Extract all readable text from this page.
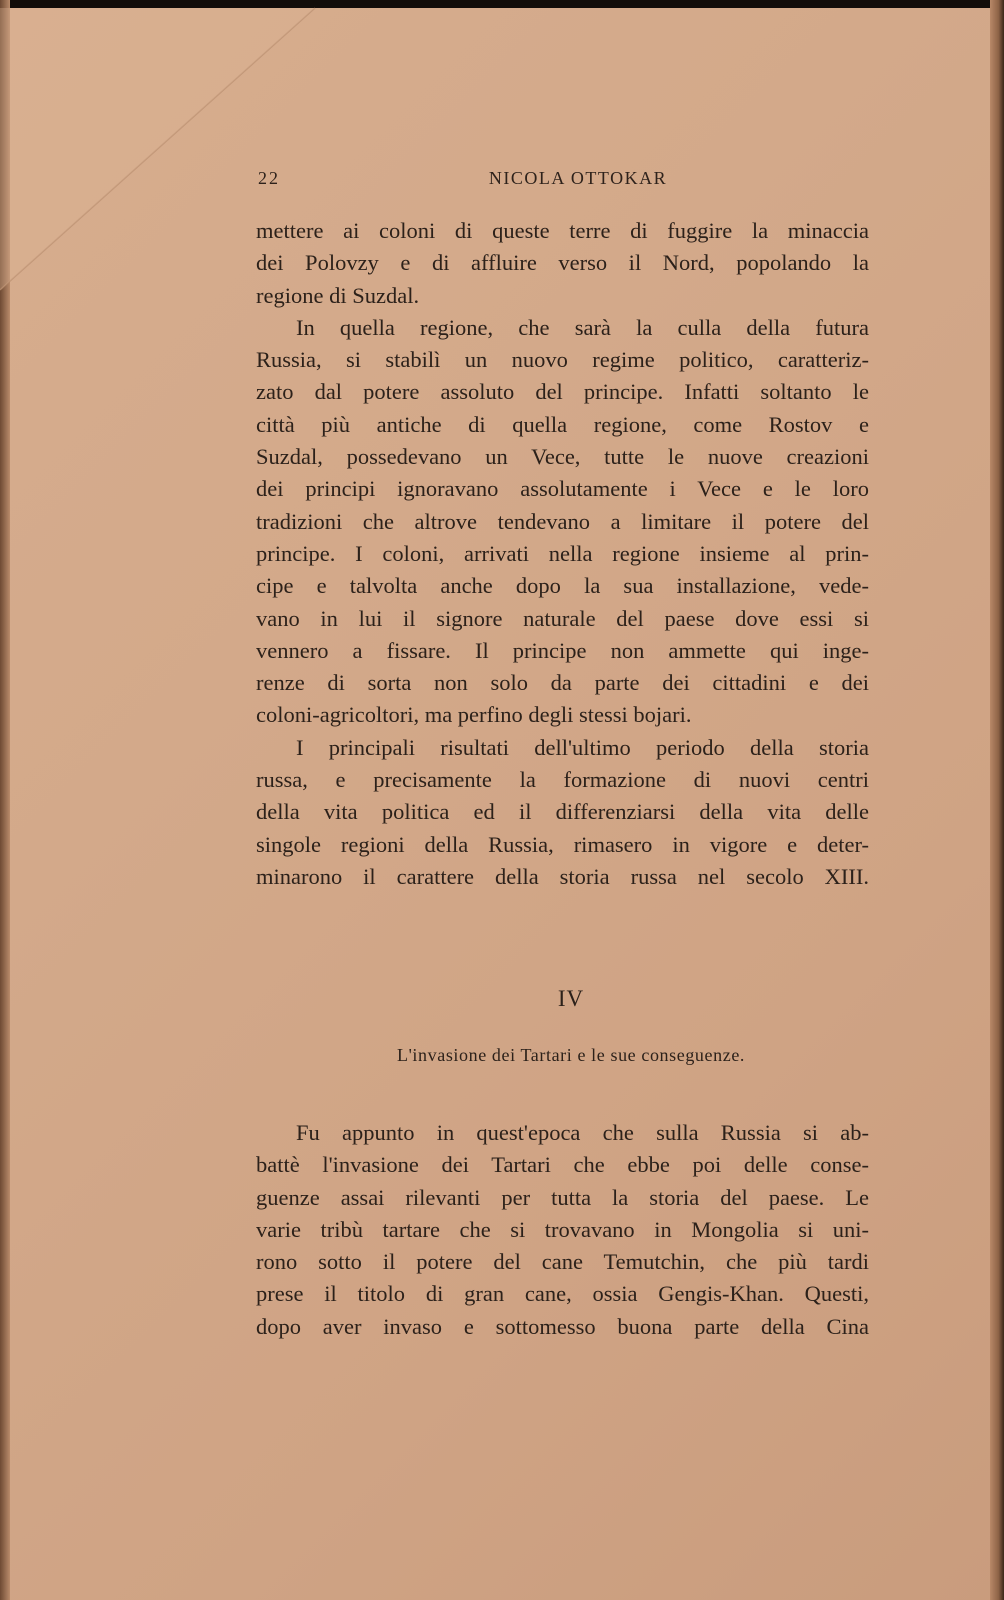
22	NICOLA OTTOKAR
mettere ai coloni di queste terre di fuggire la minaccia
dei Polovzy e di affluire verso il Nord, popolando la
regione di Suzdal.
In quella regione, che sarà la culla della futura
Russia, si stabilì un nuovo regime politico, caratteriz-
zato dal potere assoluto del principe. Infatti soltanto le
città più antiche di quella regione, come Rostov e
Suzdal, possedevano un Vece, tutte le nuove creazioni
dei principi ignoravano assolutamente i Vece e le loro
tradizioni che altrove tendevano a limitare il potere del
principe. I coloni, arrivati nella regione insieme al prin-
cipe e talvolta anche dopo la sua installazione, vede-
vano in lui il signore naturale del paese dove essi si
vennero a fissare. Il principe non ammette qui inge-
renze di sorta non solo da parte dei cittadini e dei
coloni-agricoltori, ma perfino degli stessi bojari.
I principali risultati dell'ultimo periodo della storia
russa, e precisamente la formazione di nuovi centri
della vita politica ed il differenziarsi della vita delle
singole regioni della Russia, rimasero in vigore e deter-
minarono il carattere della storia russa nel secolo XIII.
IV
L'invasione dei Tartari e le sue conseguenze.
Fu appunto in quest'epoca che sulla Russia si ab-
battè l'invasione dei Tartari che ebbe poi delle conse-
guenze assai rilevanti per tutta la storia del paese. Le
varie tribù tartare che si trovavano in Mongolia si uni-
rono sotto il potere del cane Temutchin, che più tardi
prese il titolo di gran cane, ossia Gengis-Khan. Questi,
dopo aver invaso e sottomesso buona parte della Cina
